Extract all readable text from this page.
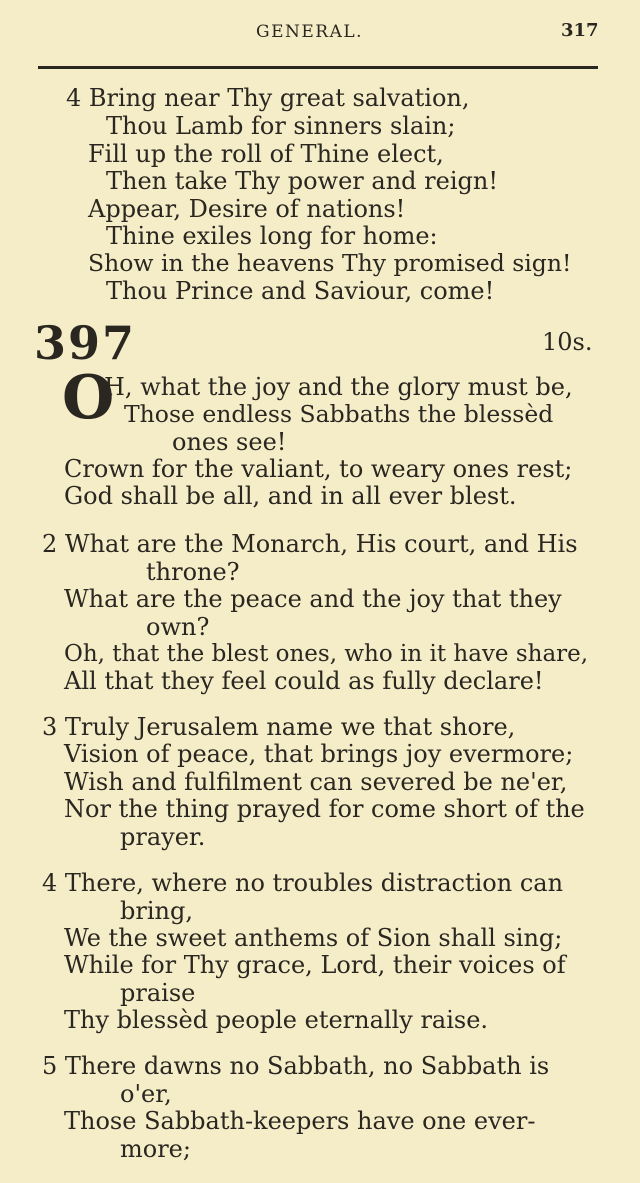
GENERAL.	317
4 Bring near Thy great salvation,
Thou Lamb for sinners slain;
Fill up the roll of Thine elect,
Then take Thy power and reign!
Appear, Desire of nations!
Thine exiles long for home:
Show in the heavens Thy promised sign!
Thou Prince and Saviour, come!
397	10s.
O
H, what the joy and the glory must be,
Those endless Sabbaths the blessèd
ones see!
Crown for the valiant, to weary ones rest;
God shall be all, and in all ever blest.
2 What are the Monarch, His court, and His
throne?
What are the peace and the joy that they
own?
Oh, that the blest ones, who in it have share,
All that they feel could as fully declare!
3 Truly Jerusalem name we that shore,
Vision of peace, that brings joy evermore;
Wish and fulfilment can severed be ne'er,
Nor the thing prayed for come short of the
prayer.
4 There, where no troubles distraction can
bring,
We the sweet anthems of Sion shall sing;
While for Thy grace, Lord, their voices of
praise
Thy blessèd people eternally raise.
5 There dawns no Sabbath, no Sabbath is
o'er,
Those Sabbath-keepers have one ever-
more;
